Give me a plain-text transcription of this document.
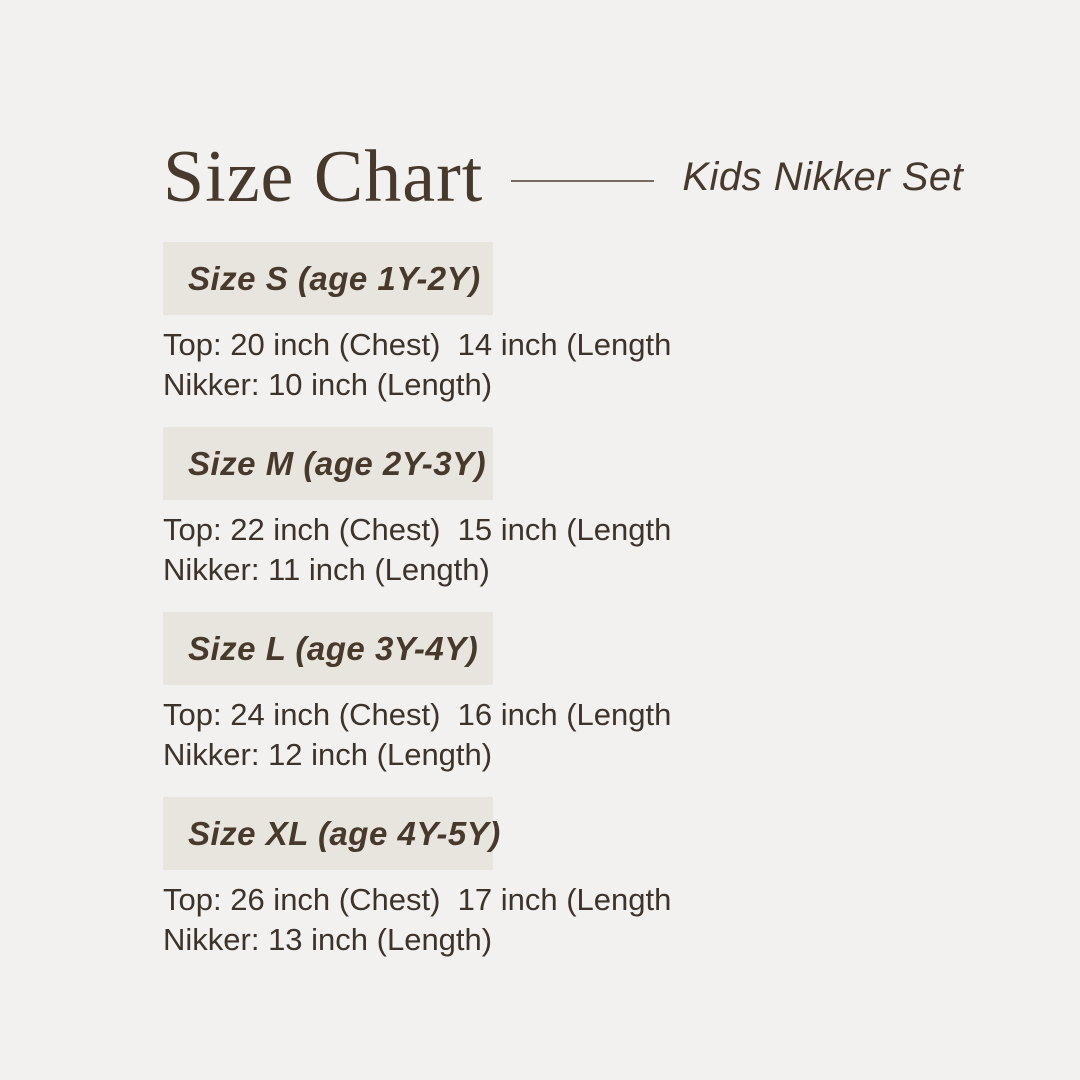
Size Chart	Kids Nikker Set
Size S (age 1Y-2Y)

Top: 20 inch (Chest)  14 inch (Length

Nikker: 10 inch (Length)

Size M (age 2Y-3Y)

Top: 22 inch (Chest)  15 inch (Length

Nikker: 11 inch (Length)

Size L (age 3Y-4Y)

Top: 24 inch (Chest)  16 inch (Length

Nikker: 12 inch (Length)

Size XL (age 4Y-5Y)

Top: 26 inch (Chest)  17 inch (Length

Nikker: 13 inch (Length)
